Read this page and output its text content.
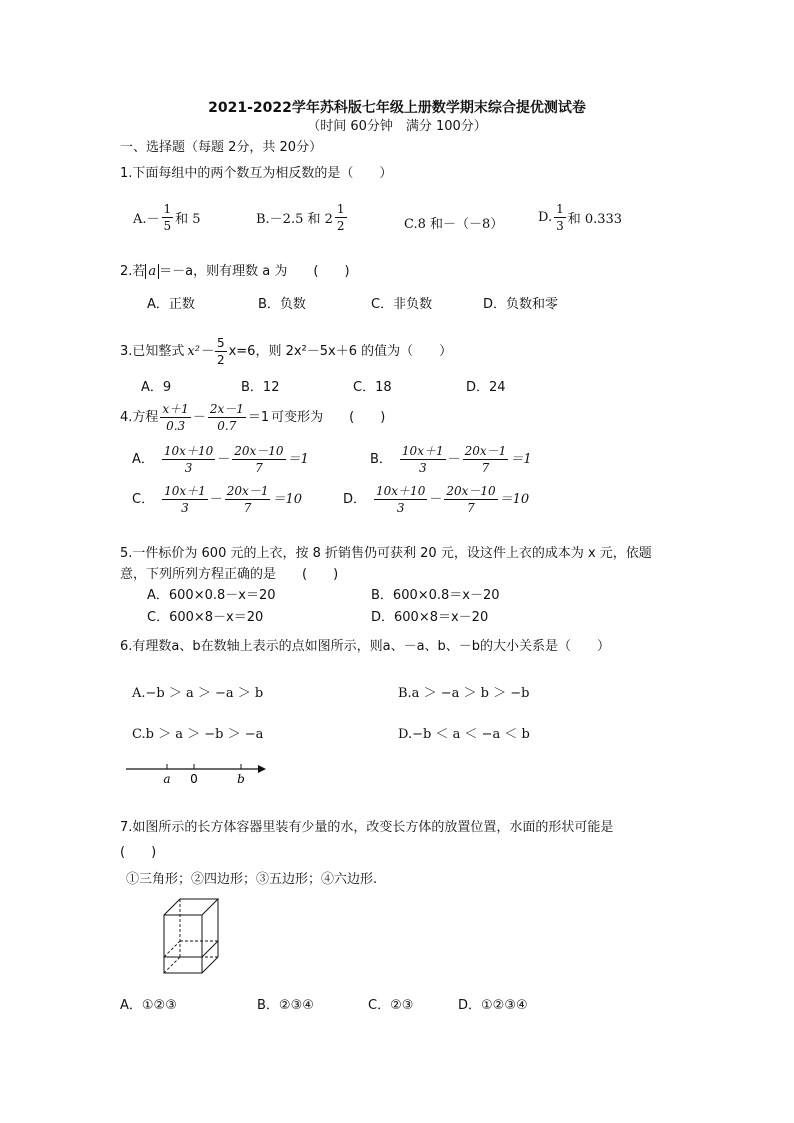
2021-2022学年苏科版七年级上册数学期末综合提优测试卷
（时间 60分钟　满分 100分）
一、选择题（每题 2分，共 20分）
1.下面每组中的两个数互为相反数的是（　　）
$A.- \frac{1}{5}$ 和 5	B.－2.5 和 $2 \frac{1}{2}$	C.8 和－（－8）	D. $\frac{1}{3}$ 和 0.333
2.若 a ＝－a，则有理数 a 为　　(　　)
A．正数	B．负数	C．非负数	D．负数和零
3.已知整式 $x^2- \frac{5}{2} x=6$，则 2x²－5x＋6 的值为（　　）
A．9	B．12	C．18	D．24
4.方程 $\frac{x+1}{0.3} - \frac{2x-1}{0.7} =1$ 可变形为　　(　　)
A． $\frac{10x+10}{3} - \frac{20x-10}{7} =1$	B． $\frac{10x+1}{3} - \frac{20x-1}{7} =1$
C． $\frac{10x+1}{3} - \frac{20x-1}{7} =10$	D． $\frac{10x+10}{3} - \frac{20x-10}{7} =10$
5.一件标价为 600 元的上衣，按 8 折销售仍可获利 20 元，设这件上衣的成本为 x 元，依题
意，下列所列方程正确的是　　(　　)
A．600×0.8－x＝20	B．600×0.8＝x－20
C．600×8－x＝20	D．600×8＝x－20
6.有理数a、b在数轴上表示的点如图所示，则a、－a、b、－b的大小关系是（　　）
A.−b ＞ a ＞ −a ＞ b	B.a ＞ −a ＞ b ＞ −b
C.b ＞ a ＞ −b ＞ −a	D.−b ＜ a ＜ −a ＜ b
a 0	b
7.如图所示的长方体容器里装有少量的水，改变长方体的放置位置，水面的形状可能是
(　　)
①三角形；②四边形；③五边形；④六边形.
A．①②③	B．②③④	C．②③	D．①②③④
